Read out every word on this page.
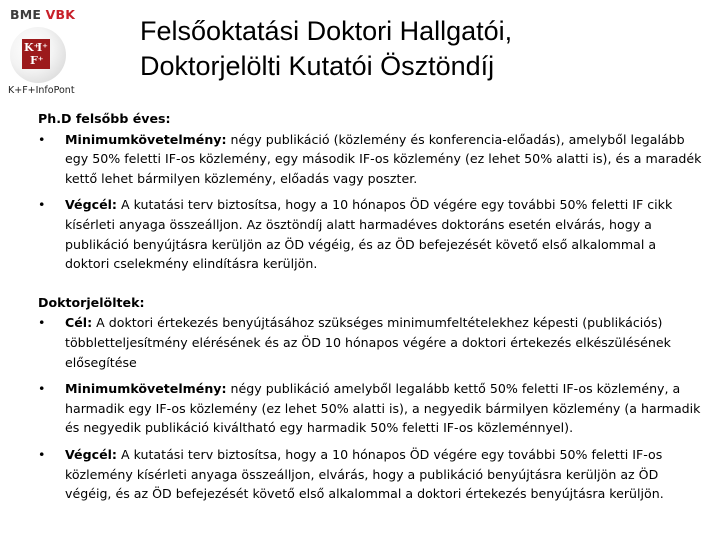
BME VBK
K⁺
I⁺
F⁺
K+F+InfoPont
Felsőoktatási Doktori Hallgatói,
Doktorjelölti Kutatói Ösztöndíj
Ph.D felsőbb éves:
• Minimumkövetelmény: négy publikáció (közlemény és konferencia-előadás), amelyből legalább egy 50% feletti IF-os közlemény, egy második IF-os közlemény (ez lehet 50% alatti is), és a maradék kettő lehet bármilyen közlemény, előadás vagy poszter.
• Végcél: A kutatási terv biztosítsa, hogy a 10 hónapos ÖD végére egy további 50% feletti IF cikk kísérleti anyaga összeálljon. Az ösztöndíj alatt harmadéves doktoráns esetén elvárás, hogy a publikáció benyújtásra kerüljön az ÖD végéig, és az ÖD befejezését követő első alkalommal a doktori cselekmény elindításra kerüljön.
Doktorjelöltek:
• Cél: A doktori értekezés benyújtásához szükséges minimumfeltételekhez képesti (publikációs) többletteljesítmény elérésének és az ÖD 10 hónapos végére a doktori értekezés elkészülésének elősegítése
• Minimumkövetelmény: négy publikáció amelyből legalább kettő 50% feletti IF-os közlemény, a harmadik egy IF-os közlemény (ez lehet 50% alatti is), a negyedik bármilyen közlemény (a harmadik és negyedik publikáció kiváltható egy harmadik 50% feletti IF-os közleménnyel).
• Végcél: A kutatási terv biztosítsa, hogy a 10 hónapos ÖD végére egy további 50% feletti IF-os közlemény kísérleti anyaga összeálljon, elvárás, hogy a publikáció benyújtásra kerüljön az ÖD végéig, és az ÖD befejezését követő első alkalommal a doktori értekezés benyújtásra kerüljön.
